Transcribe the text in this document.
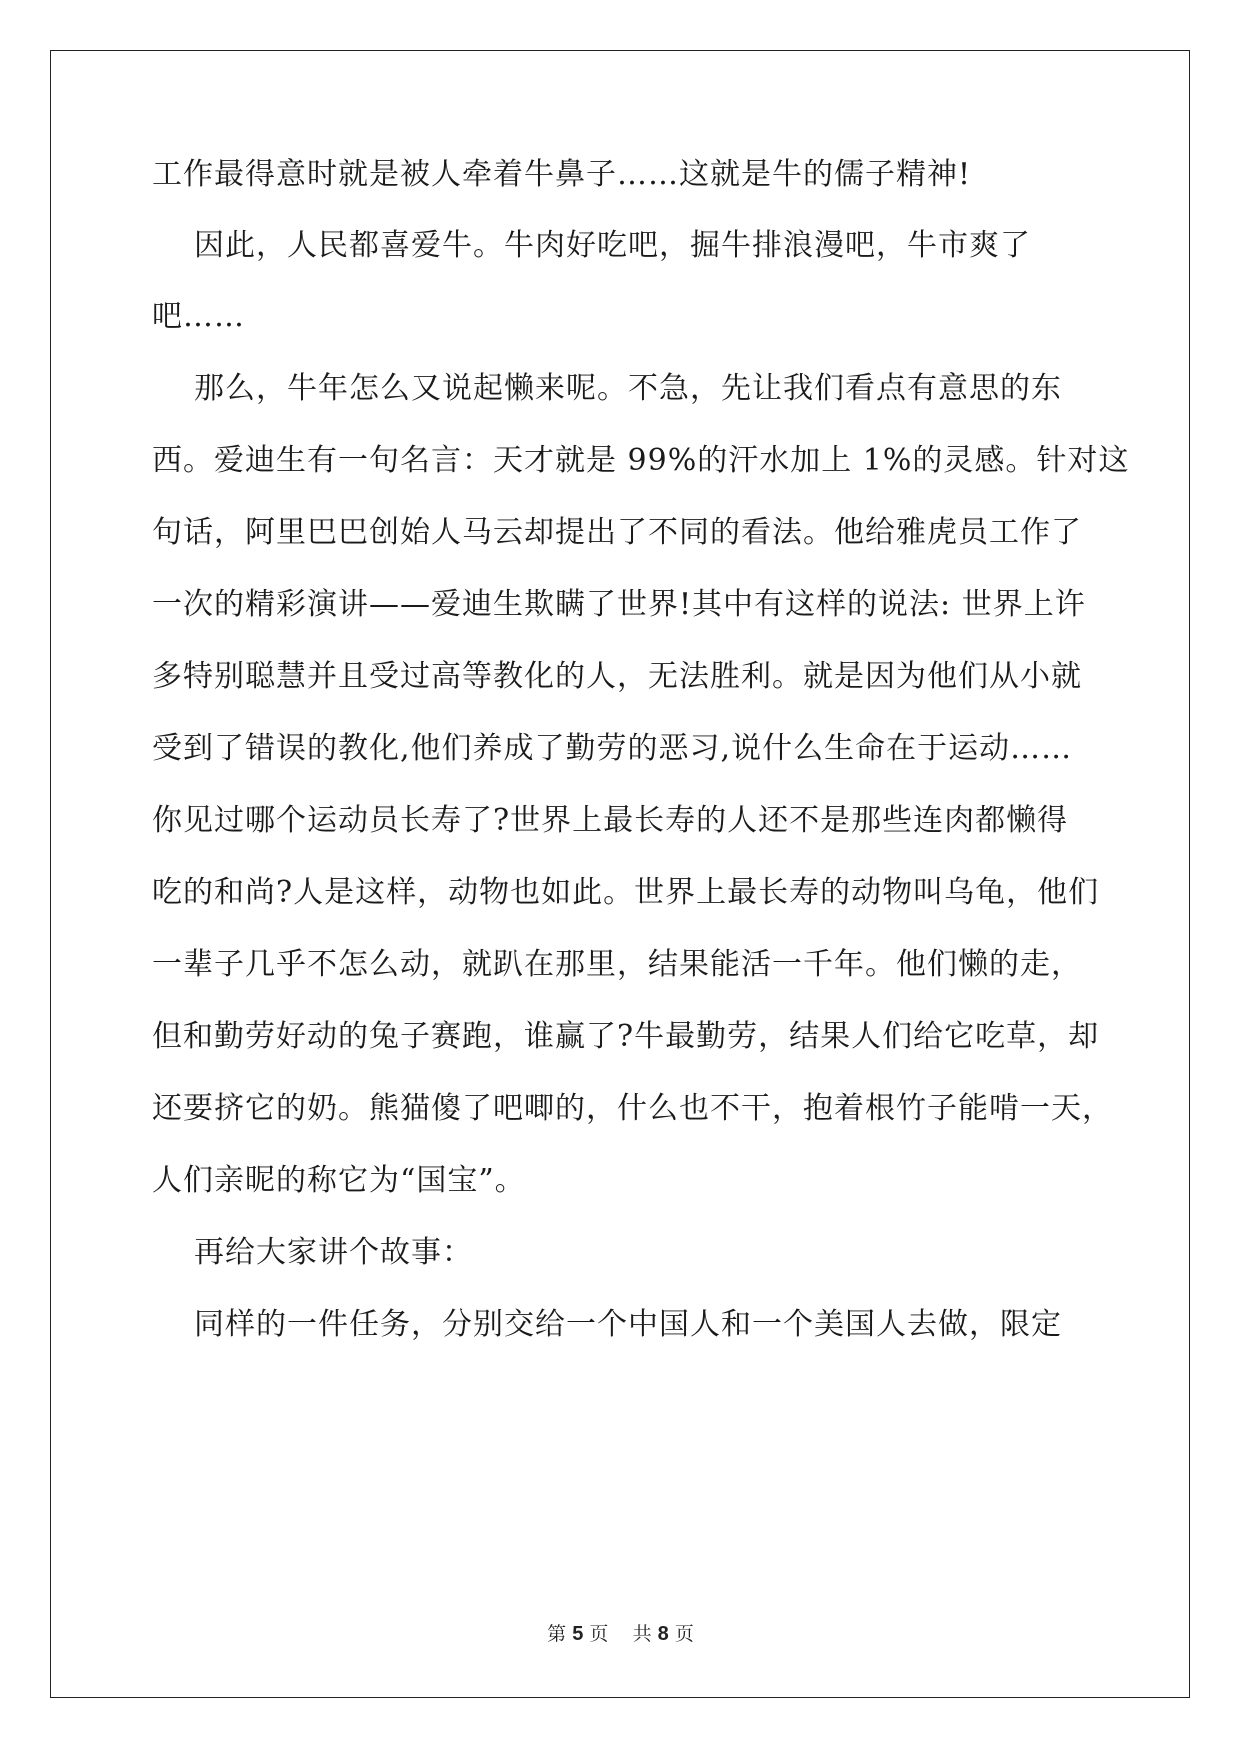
工作最得意时就是被人牵着牛鼻子……这就是牛的儒子精神!
因此，人民都喜爱牛。牛肉好吃吧，掘牛排浪漫吧，牛市爽了
吧……
那么，牛年怎么又说起懒来呢。不急，先让我们看点有意思的东
西。爱迪生有一句名言：天才就是 99%的汗水加上 1%的灵感。针对这
句话，阿里巴巴创始人马云却提出了不同的看法。他给雅虎员工作了
一次的精彩演讲——爱迪生欺瞒了世界!其中有这样的说法: 世界上许
多特别聪慧并且受过高等教化的人，无法胜利。就是因为他们从小就
受到了错误的教化,他们养成了勤劳的恶习,说什么生命在于运动……
你见过哪个运动员长寿了?世界上最长寿的人还不是那些连肉都懒得
吃的和尚?人是这样，动物也如此。世界上最长寿的动物叫乌龟，他们
一辈子几乎不怎么动，就趴在那里，结果能活一千年。他们懒的走，
但和勤劳好动的兔子赛跑，谁赢了?牛最勤劳，结果人们给它吃草，却
还要挤它的奶。熊猫傻了吧唧的，什么也不干，抱着根竹子能啃一天，
人们亲昵的称它为“国宝”。
再给大家讲个故事：
同样的一件任务，分别交给一个中国人和一个美国人去做，限定
第 5 页 共 8 页
